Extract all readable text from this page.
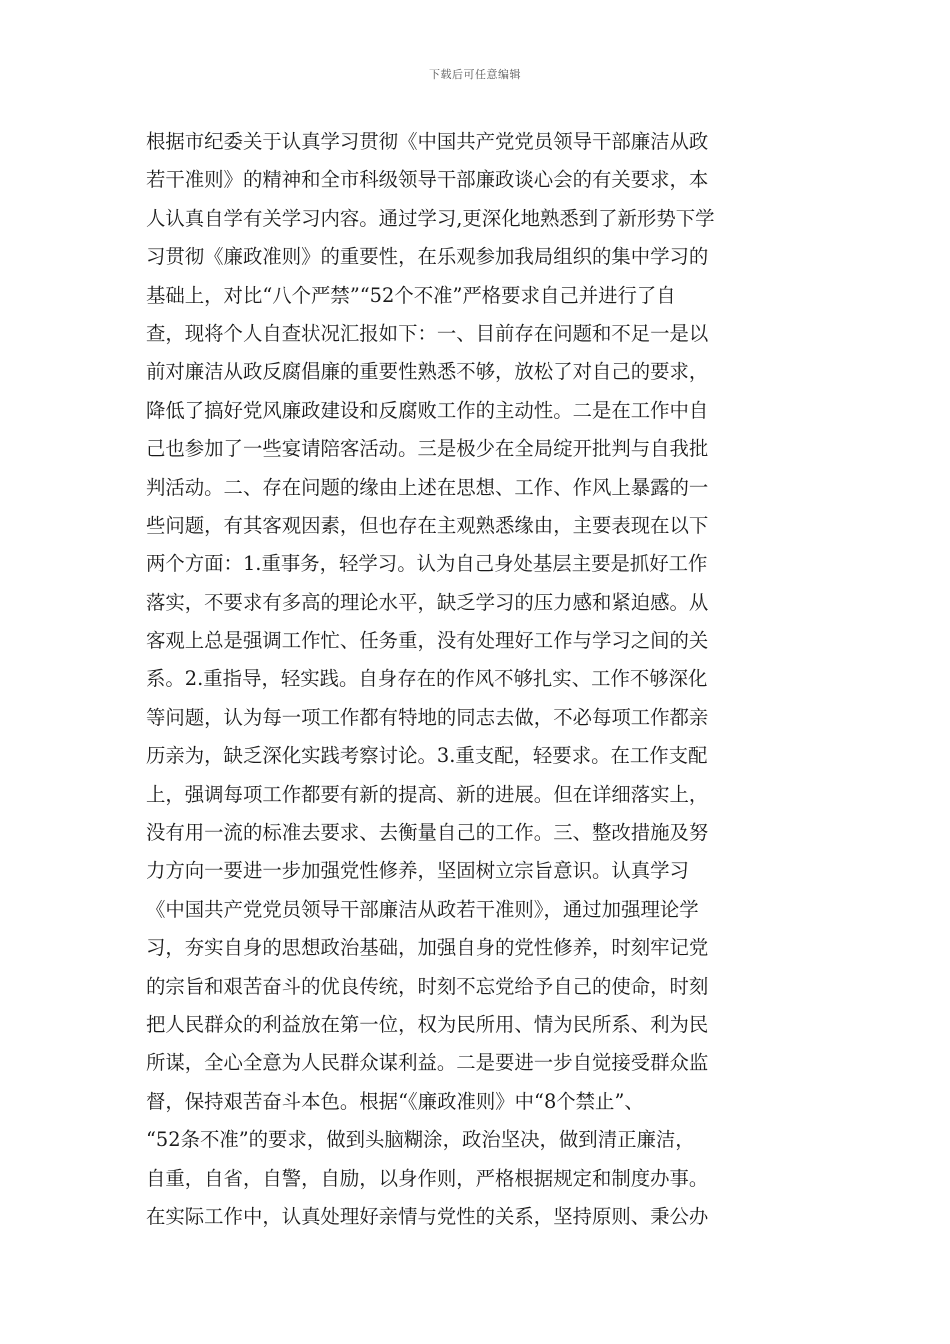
下载后可任意编辑
根据市纪委关于认真学习贯彻《中国共产党党员领导干部廉洁从政
若干准则》的精神和全市科级领导干部廉政谈心会的有关要求，本
人认真自学有关学习内容。通过学习,更深化地熟悉到了新形势下学
习贯彻《廉政准则》的重要性，在乐观参加我局组织的集中学习的
基础上，对比“八个严禁”“52个不准”严格要求自己并进行了自
查，现将个人自查状况汇报如下：一、目前存在问题和不足一是以
前对廉洁从政反腐倡廉的重要性熟悉不够，放松了对自己的要求，
降低了搞好党风廉政建设和反腐败工作的主动性。二是在工作中自
己也参加了一些宴请陪客活动。三是极少在全局绽开批判与自我批
判活动。二、存在问题的缘由上述在思想、工作、作风上暴露的一
些问题，有其客观因素，但也存在主观熟悉缘由，主要表现在以下
两个方面：1.重事务，轻学习。认为自己身处基层主要是抓好工作
落实，不要求有多高的理论水平，缺乏学习的压力感和紧迫感。从
客观上总是强调工作忙、任务重，没有处理好工作与学习之间的关
系。2.重指导，轻实践。自身存在的作风不够扎实、工作不够深化
等问题，认为每一项工作都有特地的同志去做，不必每项工作都亲
历亲为，缺乏深化实践考察讨论。3.重支配，轻要求。在工作支配
上，强调每项工作都要有新的提高、新的进展。但在详细落实上，
没有用一流的标准去要求、去衡量自己的工作。三、整改措施及努
力方向一要进一步加强党性修养，坚固树立宗旨意识。认真学习
《中国共产党党员领导干部廉洁从政若干准则》，通过加强理论学
习，夯实自身的思想政治基础，加强自身的党性修养，时刻牢记党
的宗旨和艰苦奋斗的优良传统，时刻不忘党给予自己的使命，时刻
把人民群众的利益放在第一位，权为民所用、情为民所系、利为民
所谋，全心全意为人民群众谋利益。二是要进一步自觉接受群众监
督，保持艰苦奋斗本色。根据“《廉政准则》中“8个禁止”、
“52条不准”的要求，做到头脑糊涂，政治坚决，做到清正廉洁，
自重，自省，自警，自励，以身作则，严格根据规定和制度办事。
在实际工作中，认真处理好亲情与党性的关系，坚持原则、秉公办
